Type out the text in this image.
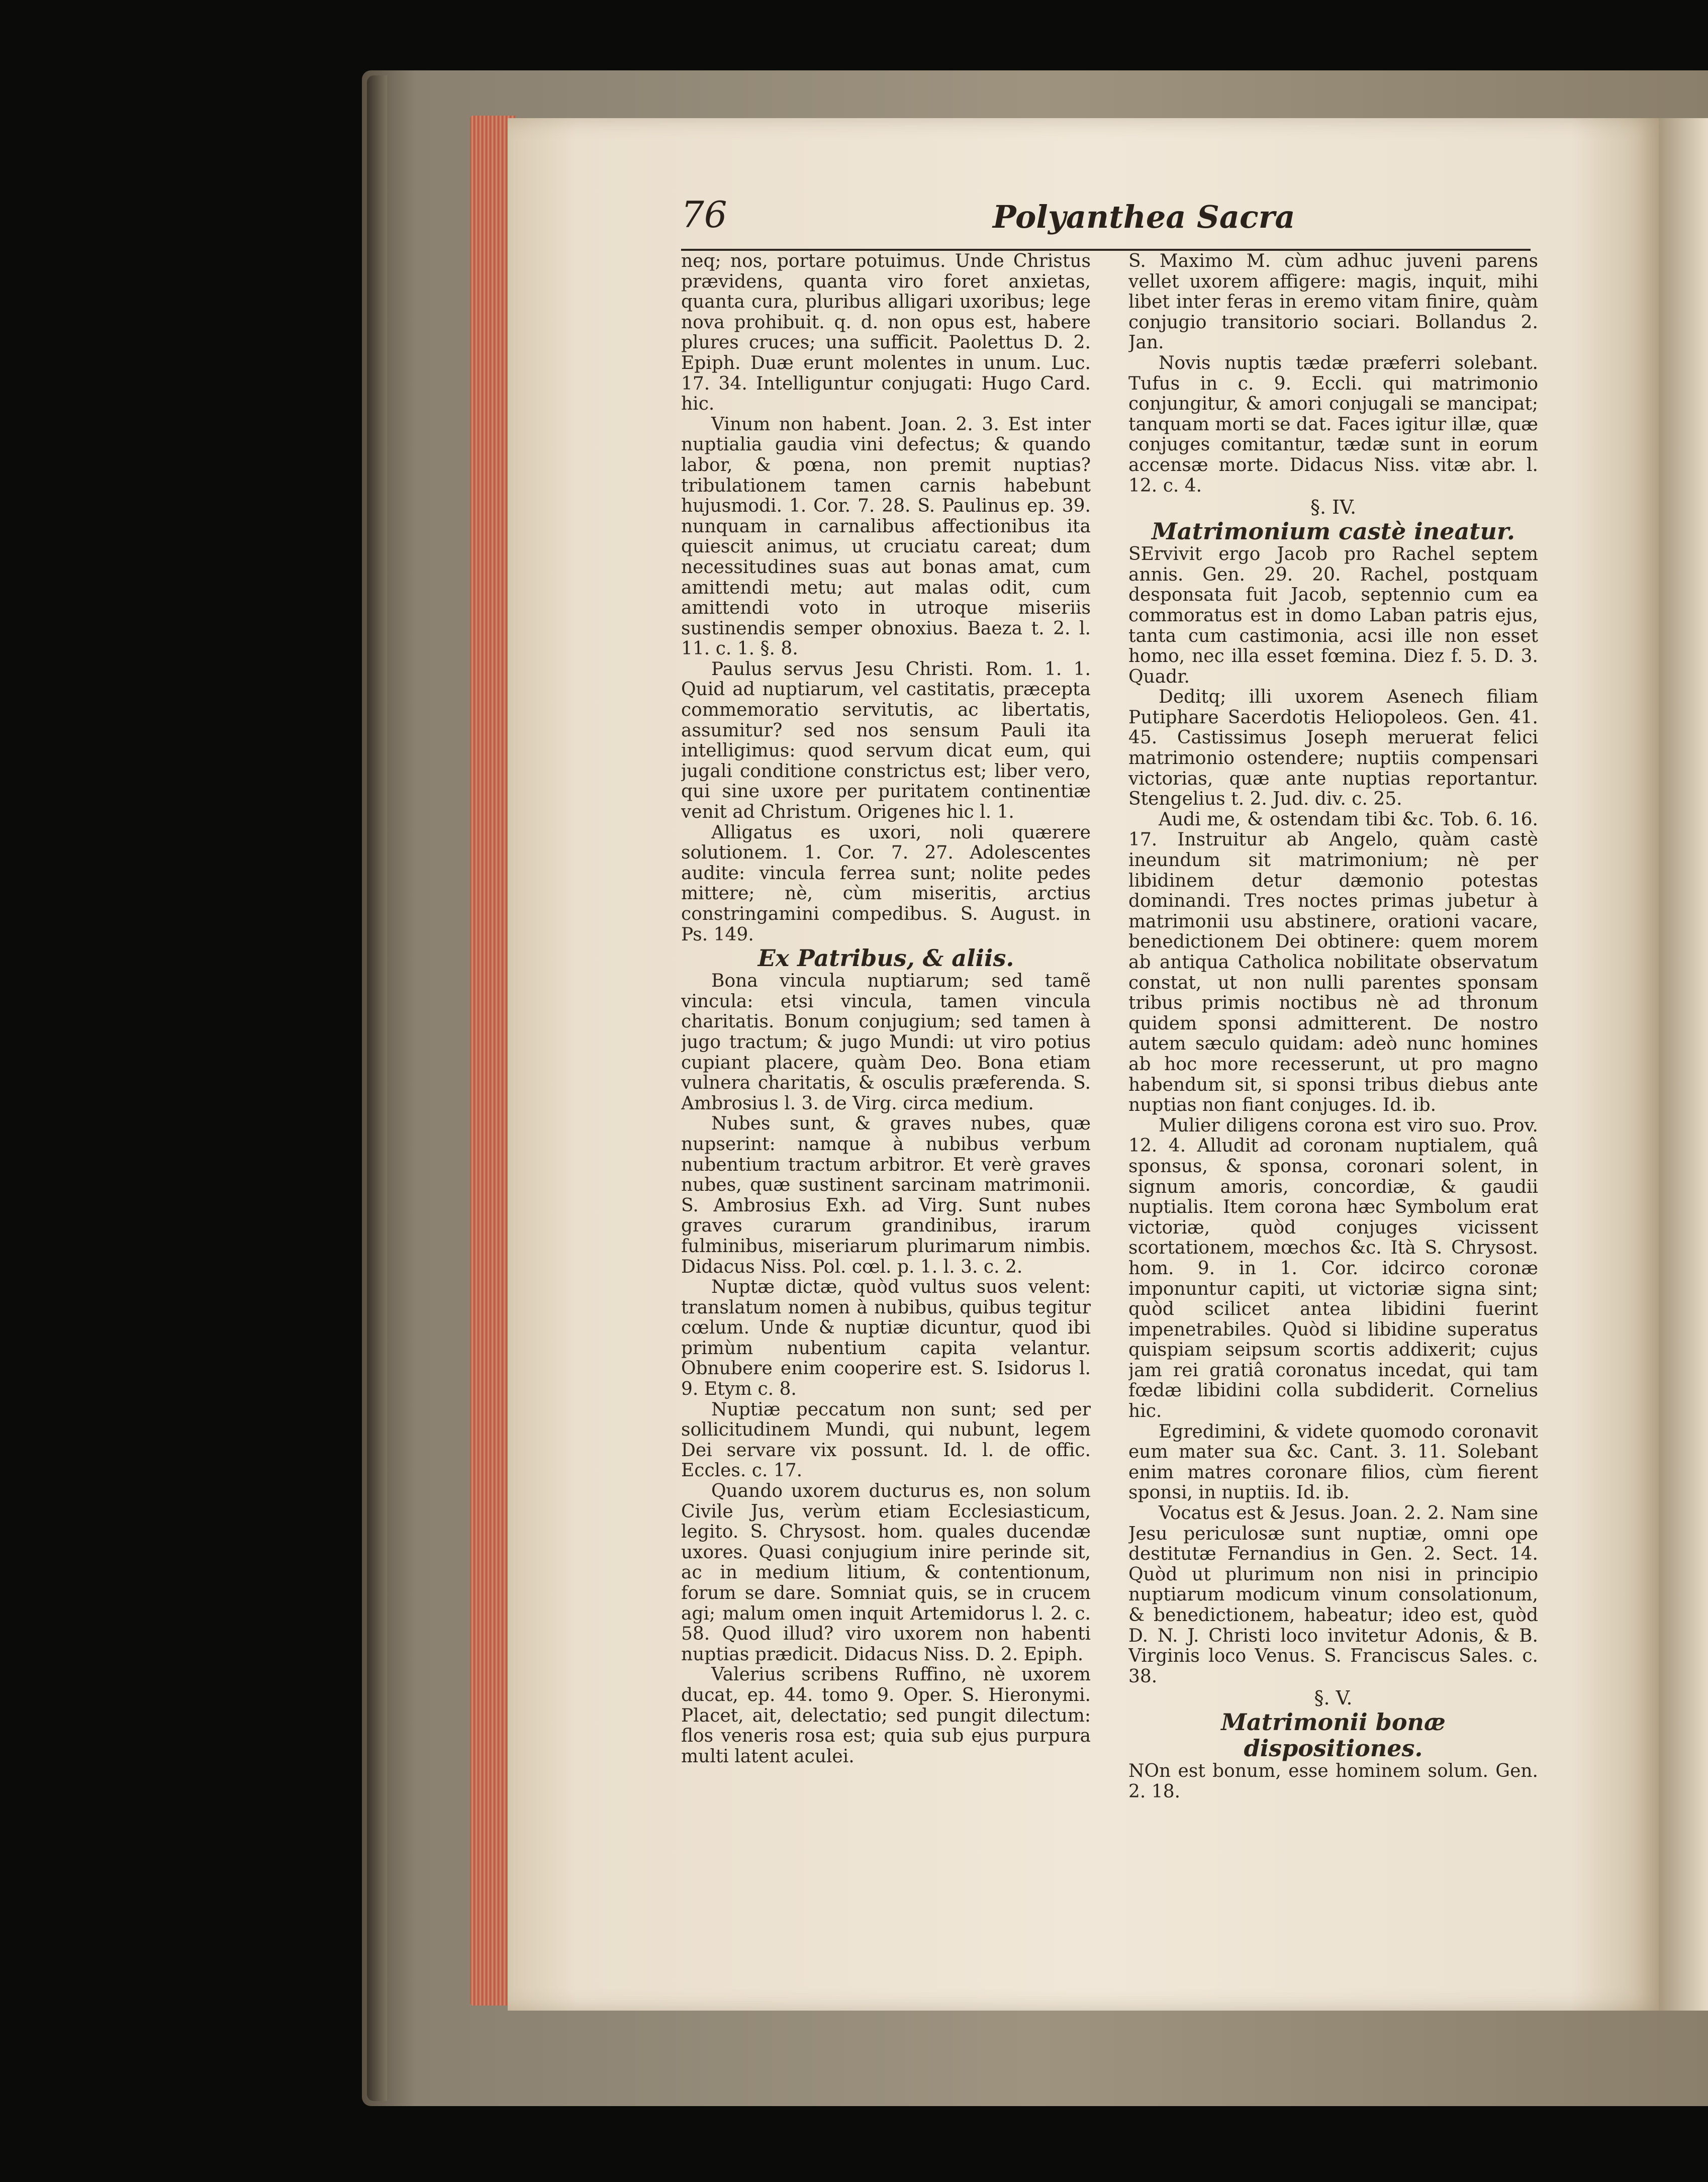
76	Polyanthea Sacra

neq; nos, portare potuimus. Unde Christus prævidens, quanta viro foret anxietas, quanta cura, pluribus alligari uxoribus; lege nova prohibuit. q. d. non opus est, habere plures cruces; una sufficit. Paolettus D. 2. Epiph. Duæ erunt molentes in unum. Luc. 17. 34. Intelliguntur conjugati: Hugo Card. hic.

Vinum non habent. Joan. 2. 3. Est inter nuptialia gaudia vini defectus; & quando labor, & pœna, non premit nuptias? tribulationem tamen carnis habebunt hujusmodi. 1. Cor. 7. 28. S. Paulinus ep. 39. nunquam in carnalibus affectionibus ita quiescit animus, ut cruciatu careat; dum necessitudines suas aut bonas amat, cum amittendi metu; aut malas odit, cum amittendi voto in utroque miseriis sustinendis semper obnoxius. Baeza t. 2. l. 11. c. 1. §. 8.

Paulus servus Jesu Christi. Rom. 1. 1. Quid ad nuptiarum, vel castitatis, præcepta commemoratio servitutis, ac libertatis, assumitur? sed nos sensum Pauli ita intelligimus: quod servum dicat eum, qui jugali conditione constrictus est; liber vero, qui sine uxore per puritatem continentiæ venit ad Christum. Origenes hic l. 1.

Alligatus es uxori, noli quærere solutionem. 1. Cor. 7. 27. Adolescentes audite: vincula ferrea sunt; nolite pedes mittere; nè, cùm miseritis, arctius constringamini compedibus. S. August. in Ps. 149.

Ex Patribus, & aliis.

Bona vincula nuptiarum; sed tamẽ vincula: etsi vincula, tamen vincula charitatis. Bonum conjugium; sed tamen à jugo tractum; & jugo Mundi: ut viro potius cupiant placere, quàm Deo. Bona etiam vulnera charitatis, & osculis præferenda. S. Ambrosius l. 3. de Virg. circa medium.

Nubes sunt, & graves nubes, quæ nupserint: namque à nubibus verbum nubentium tractum arbitror. Et verè graves nubes, quæ sustinent sarcinam matrimonii. S. Ambrosius Exh. ad Virg. Sunt nubes graves curarum grandinibus, irarum fulminibus, miseriarum plurimarum nimbis. Didacus Niss. Pol. cœl. p. 1. l. 3. c. 2.

Nuptæ dictæ, quòd vultus suos velent: translatum nomen à nubibus, quibus tegitur cœlum. Unde & nuptiæ dicuntur, quod ibi primùm nubentium capita velantur. Obnubere enim cooperire est. S. Isidorus l. 9. Etym c. 8.

Nuptiæ peccatum non sunt; sed per sollicitudinem Mundi, qui nubunt, legem Dei servare vix possunt. Id. l. de offic. Eccles. c. 17.

Quando uxorem ducturus es, non solum Civile Jus, verùm etiam Ecclesiasticum, legito. S. Chrysost. hom. quales ducendæ uxores. Quasi conjugium inire perinde sit, ac in medium litium, & contentionum, forum se dare. Somniat quis, se in crucem agi; malum omen inquit Artemidorus l. 2. c. 58. Quod illud? viro uxorem non habenti nuptias prædicit. Didacus Niss. D. 2. Epiph.

Valerius scribens Ruffino, nè uxorem ducat, ep. 44. tomo 9. Oper. S. Hieronymi. Placet, ait, delectatio; sed pungit dilectum: flos veneris rosa est; quia sub ejus purpura multi latent aculei.

S. Maximo M. cùm adhuc juveni parens vellet uxorem affigere: magis, inquit, mihi libet inter feras in eremo vitam finire, quàm conjugio transitorio sociari. Bollandus 2. Jan.

Novis nuptis tædæ præferri solebant. Tufus in c. 9. Eccli. qui matrimonio conjungitur, & amori conjugali se mancipat; tanquam morti se dat. Faces igitur illæ, quæ conjuges comitantur, tædæ sunt in eorum accensæ morte. Didacus Niss. vitæ abr. l. 12. c. 4.

§. IV.

Matrimonium castè ineatur.

SErvivit ergo Jacob pro Rachel septem annis. Gen. 29. 20. Rachel, postquam desponsata fuit Jacob, septennio cum ea commoratus est in domo Laban patris ejus, tanta cum castimonia, acsi ille non esset homo, nec illa esset fœmina. Diez f. 5. D. 3. Quadr.

Deditq; illi uxorem Asenech filiam Putiphare Sacerdotis Heliopoleos. Gen. 41. 45. Castissimus Joseph meruerat felici matrimonio ostendere; nuptiis compensari victorias, quæ ante nuptias reportantur. Stengelius t. 2. Jud. div. c. 25.

Audi me, & ostendam tibi &c. Tob. 6. 16. 17. Instruitur ab Angelo, quàm castè ineundum sit matrimonium; nè per libidinem detur dæmonio potestas dominandi. Tres noctes primas jubetur à matrimonii usu abstinere, orationi vacare, benedictionem Dei obtinere: quem morem ab antiqua Catholica nobilitate observatum constat, ut non nulli parentes sponsam tribus primis noctibus nè ad thronum quidem sponsi admitterent. De nostro autem sæculo quidam: adeò nunc homines ab hoc more recesserunt, ut pro magno habendum sit, si sponsi tribus diebus ante nuptias non fiant conjuges. Id. ib.

Mulier diligens corona est viro suo. Prov. 12. 4. Alludit ad coronam nuptialem, quâ sponsus, & sponsa, coronari solent, in signum amoris, concordiæ, & gaudii nuptialis. Item corona hæc Symbolum erat victoriæ, quòd conjuges vicissent scortationem, mœchos &c. Ità S. Chrysost. hom. 9. in 1. Cor. idcirco coronæ imponuntur capiti, ut victoriæ signa sint; quòd scilicet antea libidini fuerint impenetrabiles. Quòd si libidine superatus quispiam seipsum scortis addixerit; cujus jam rei gratiâ coronatus incedat, qui tam fœdæ libidini colla subdiderit. Cornelius hic.

Egredimini, & videte quomodo coronavit eum mater sua &c. Cant. 3. 11. Solebant enim matres coronare filios, cùm fierent sponsi, in nuptiis. Id. ib.

Vocatus est & Jesus. Joan. 2. 2. Nam sine Jesu periculosæ sunt nuptiæ, omni ope destitutæ Fernandius in Gen. 2. Sect. 14. Quòd ut plurimum non nisi in principio nuptiarum modicum vinum consolationum, & benedictionem, habeatur; ideo est, quòd D. N. J. Christi loco invitetur Adonis, & B. Virginis loco Venus. S. Franciscus Sales. c. 38.

§. V.

Matrimonii bonæ dispositiones.

NOn est bonum, esse hominem solum. Gen. 2. 18.
